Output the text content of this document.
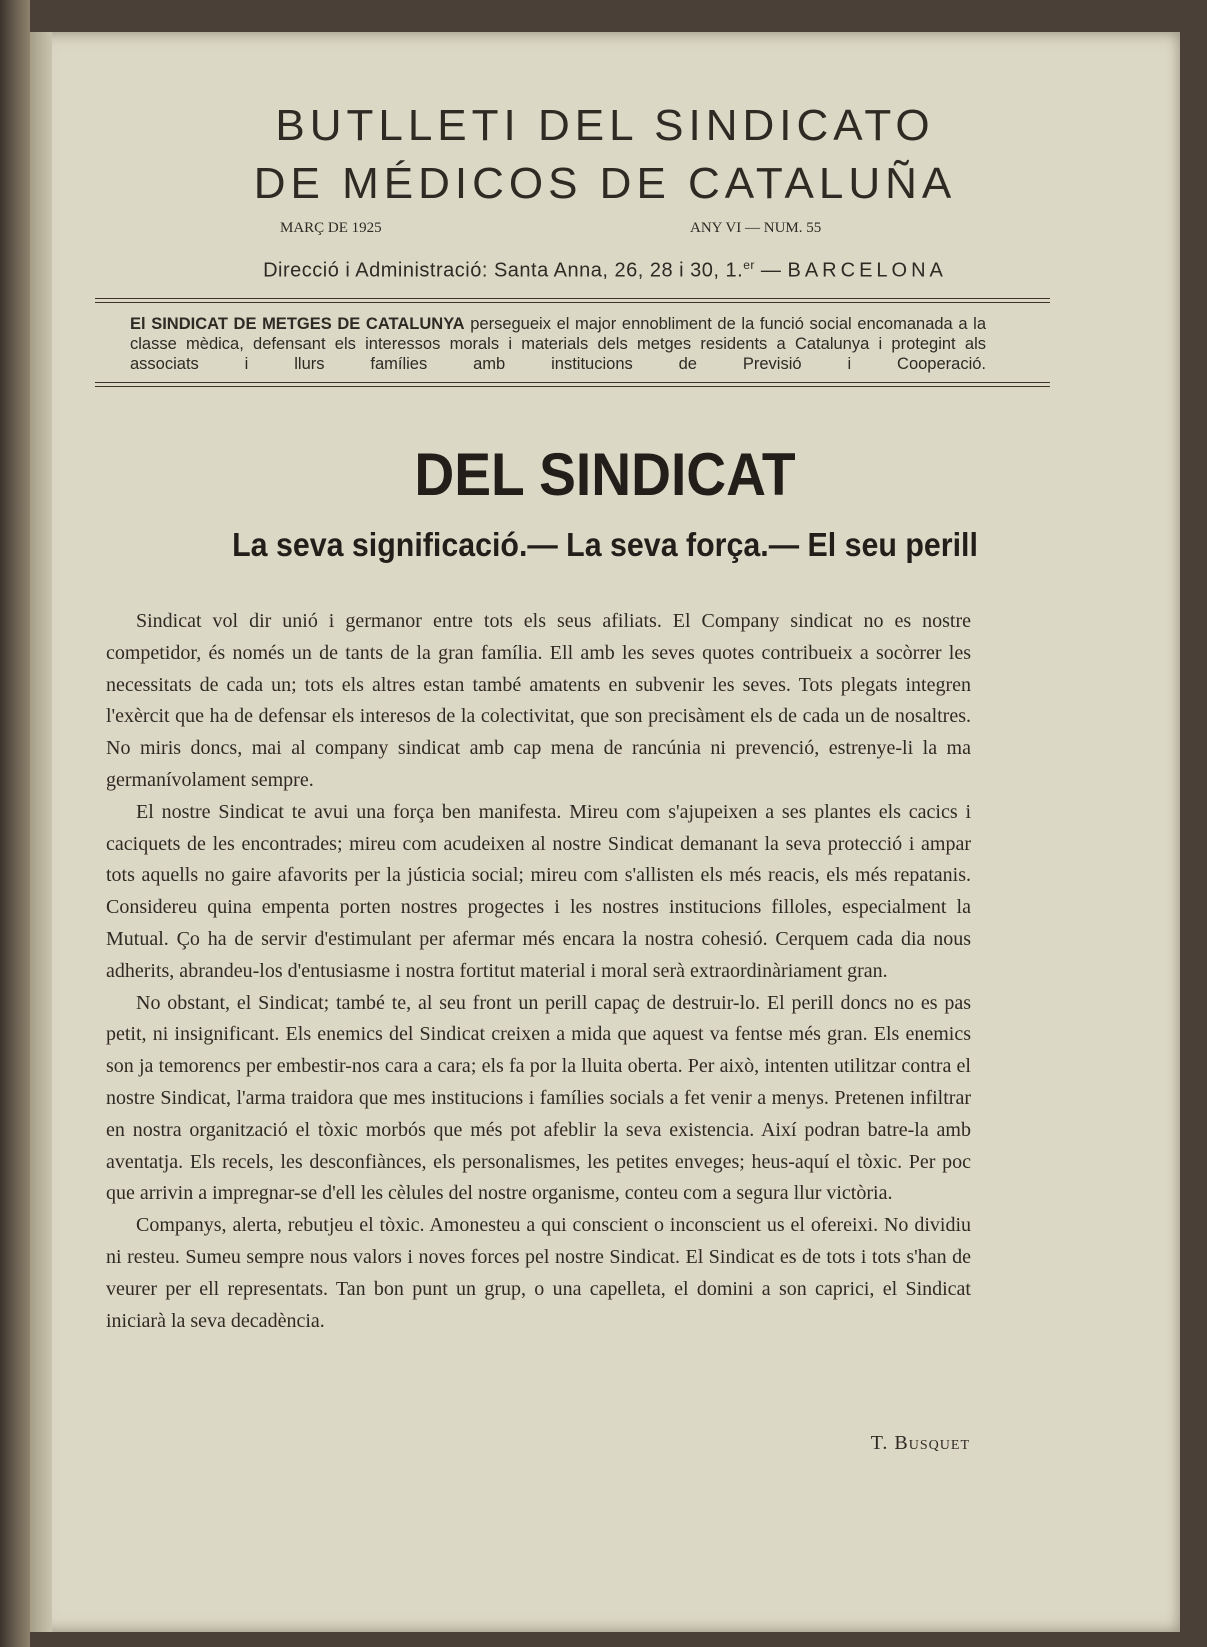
BUTLLETI DEL SINDICATO
DE MÉDICOS DE CATALUÑA
MARÇ DE 1925	ANY VI — NUM. 55
Direcció i Administració: Santa Anna, 26, 28 i 30, 1.$^{er}$ — BARCELONA
El SINDICAT DE METGES DE CATALUNYA persegueix el major ennobliment de la funció social encomanada a la classe mèdica, defensant els interessos morals i materials dels metges residents a Catalunya i protegint als associats i llurs famílies amb institucions de Previsió i Cooperació.
DEL SINDICAT
La seva significació.— La seva força.— El seu perill

Sindicat vol dir unió i germanor entre tots els seus afiliats. El Company sindicat no es nostre competidor, és només un de tants de la gran família. Ell amb les seves quotes contribueix a socòrrer les necessitats de cada un; tots els altres estan també amatents en subvenir les seves. Tots plegats integren l'exèrcit que ha de defensar els interesos de la colectivitat, que son precisàment els de cada un de nosaltres. No miris doncs, mai al company sindicat amb cap mena de rancúnia ni prevenció, estrenye-li la ma germanívolament sempre.

El nostre Sindicat te avui una força ben manifesta. Mireu com s'ajupeixen a ses plantes els cacics i caciquets de les encontrades; mireu com acudeixen al nostre Sindicat demanant la seva protecció i ampar tots aquells no gaire afavorits per la jústicia social; mireu com s'allisten els més reacis, els més repatanis. Considereu quina empenta porten nostres progectes i les nostres institucions filloles, especialment la Mutual. Ço ha de servir d'estimulant per afermar més encara la nostra cohesió. Cerquem cada dia nous adherits, abrandeu-los d'entusiasme i nostra fortitut material i moral serà extraordinàriament gran.

No obstant, el Sindicat; també te, al seu front un perill capaç de destruir-lo. El perill doncs no es pas petit, ni insignificant. Els enemics del Sindicat creixen a mida que aquest va fentse més gran. Els enemics son ja temorencs per embestir-nos cara a cara; els fa por la lluita oberta. Per això, intenten utilitzar contra el nostre Sindicat, l'arma traidora que mes institucions i famílies socials a fet venir a menys. Pretenen infiltrar en nostra organització el tòxic morbós que més pot afeblir la seva existencia. Així podran batre-la amb aventatja. Els recels, les desconfiànces, els personalismes, les petites enveges; heus-aquí el tòxic. Per poc que arrivin a impregnar-se d'ell les cèlules del nostre organisme, conteu com a segura llur victòria.

Companys, alerta, rebutjeu el tòxic. Amonesteu a qui conscient o inconscient us el ofereixi. No dividiu ni resteu. Sumeu sempre nous valors i noves forces pel nostre Sindicat. El Sindicat es de tots i tots s'han de veurer per ell representats. Tan bon punt un grup, o una capelleta, el domini a son caprici, el Sindicat iniciarà la seva decadència.

T. Busquet
